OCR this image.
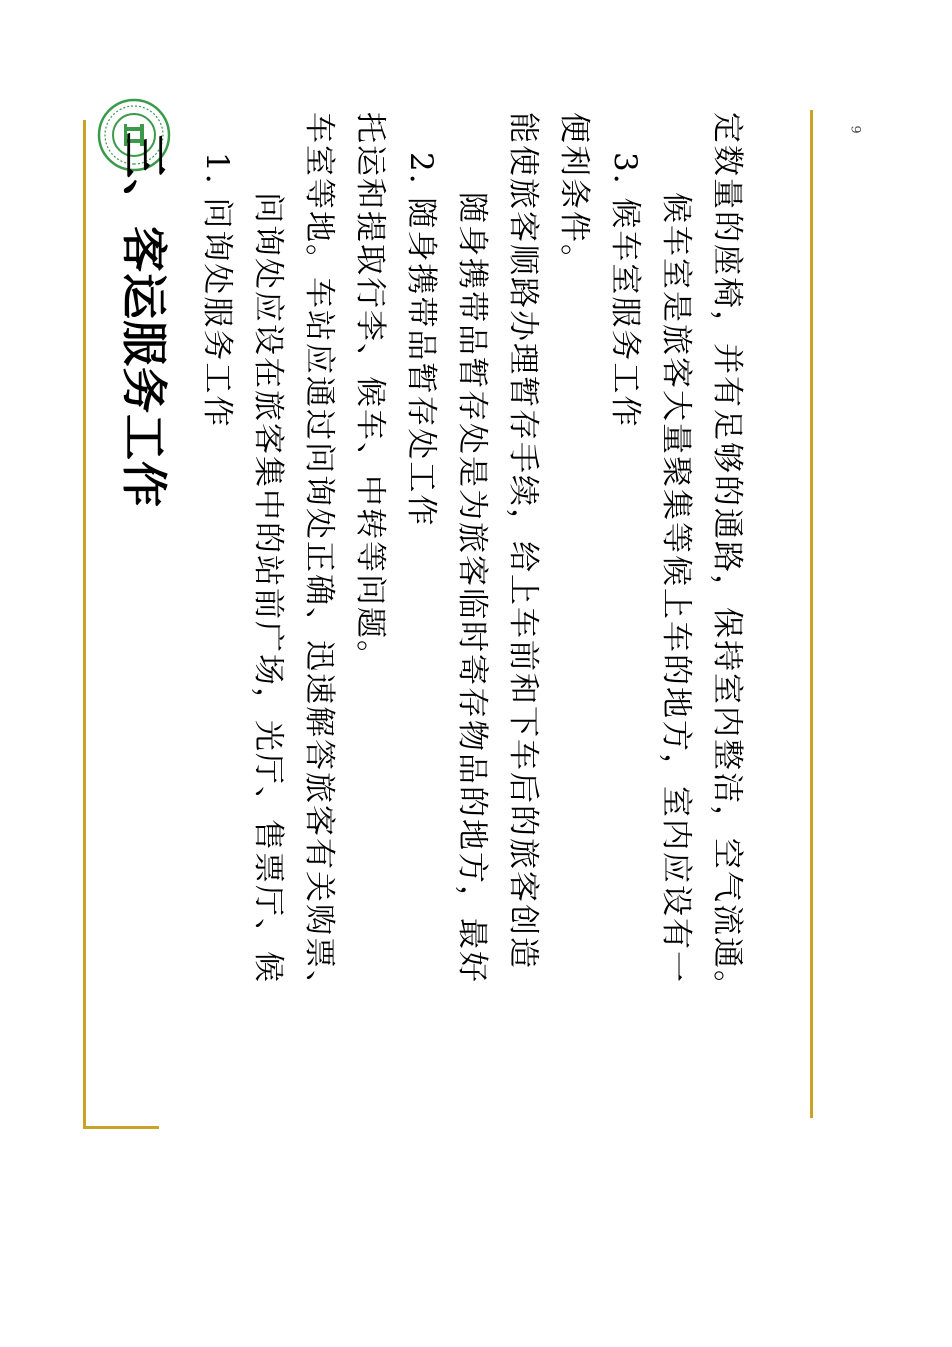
9
三、客运服务工作 1. 问询处服务工作 问询处应设在旅客集中的站前广场，光厅、售票厅、候 车室等地。车站应通过问询处正确、迅速解答旅客有关购票、 托运和提取行李、候车、中转等问题。 2. 随身携带品暂存处工作 随身携带品暂存处是为旅客临时寄存物品的地方，最好 能使旅客顺路办理暂存手续，给上车前和下车后的旅客创造 便利条件。 3. 候车室服务工作 候车室是旅客大量聚集等候上车的地方，室内应设有一 定数量的座椅，并有足够的通路，保持室内整洁，空气流通。
